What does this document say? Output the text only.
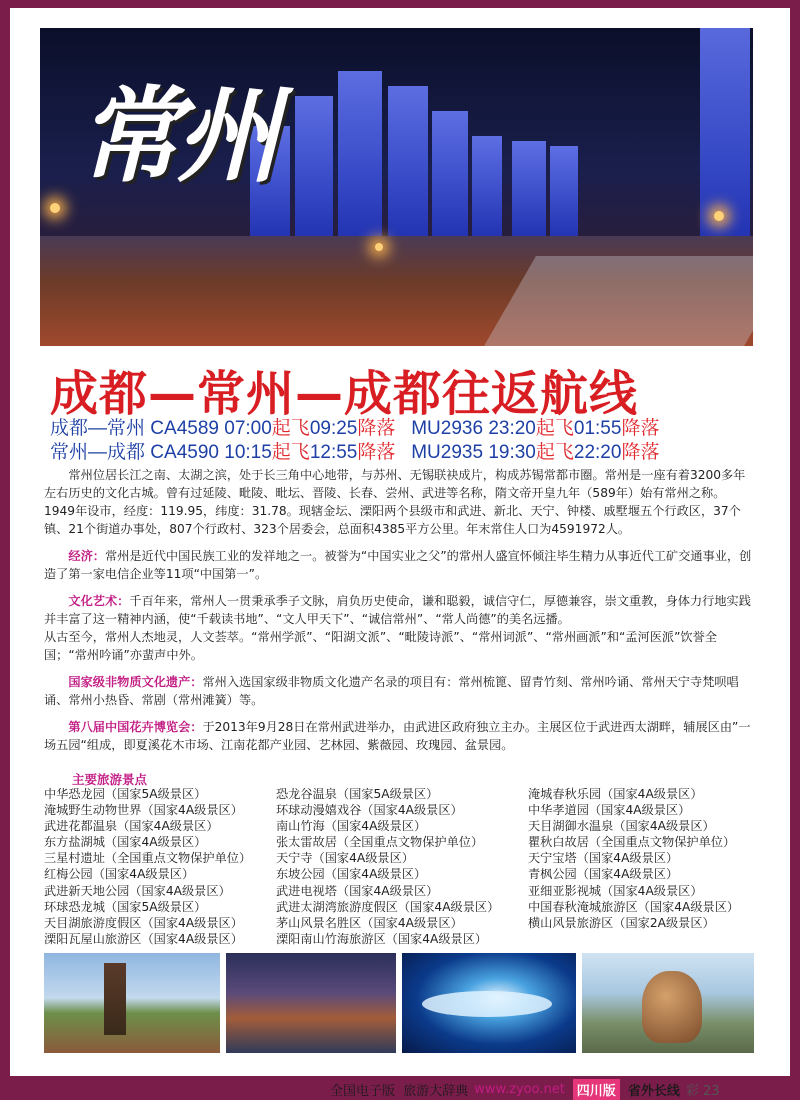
常州
成都—常州—成都往返航线
成都—常州 CA4589 07:00起飞09:25降落 MU2936 23:20起飞01:55降落
常州—成都 CA4590 10:15起飞12:55降落 MU2935 19:30起飞22:20降落

常州位居长江之南、太湖之滨，处于长三角中心地带，与苏州、无锡联袂成片，构成苏锡常都市圈。常州是一座有着3200多年左右历史的文化古城。曾有过延陵、毗陵、毗坛、晋陵、长春、尝州、武进等名称，隋文帝开皇九年（589年）始有常州之称。1949年设市，经度：119.95，纬度：31.78。现辖金坛、溧阳两个县级市和武进、新北、天宁、钟楼、戚墅堰五个行政区，37个镇、21个街道办事处，807个行政村、323个居委会，总面积4385平方公里。年末常住人口为4591972人。

经济：常州是近代中国民族工业的发祥地之一。被誉为“中国实业之父”的常州人盛宣怀倾注毕生精力从事近代工矿交通事业，创造了第一家电信企业等11项“中国第一”。

文化艺术：千百年来，常州人一贯秉承季子文脉，肩负历史使命，谦和聪毅，诚信守仁，厚德兼容，崇文重教，身体力行地实践并丰富了这一精神内涵，使“千载读书地”、“文人甲天下”、“诚信常州”、“常人尚德”的美名远播。

从古至今，常州人杰地灵，人文荟萃。“常州学派”、“阳湖文派”、“毗陵诗派”、“常州词派”、“常州画派”和“孟河医派”饮誉全国；“常州吟诵”亦蜚声中外。

国家级非物质文化遗产：常州入选国家级非物质文化遗产名录的项目有：常州梳篦、留青竹刻、常州吟诵、常州天宁寺梵呗唱诵、常州小热昏、常剧（常州滩簧）等。

第八届中国花卉博览会：于2013年9月28日在常州武进举办，由武进区政府独立主办。主展区位于武进西太湖畔，辅展区由”一场五园“组成，即夏溪花木市场、江南花都产业园、艺林园、紫薇园、玫瑰园、盆景园。

主要旅游景点
中华恐龙园（国家5A级景区）	恐龙谷温泉（国家5A级景区）	淹城春秋乐园（国家4A级景区）
淹城野生动物世界（国家4A级景区）	环球动漫嬉戏谷（国家4A级景区）	中华孝道园（国家4A级景区）
武进花都温泉（国家4A级景区）	南山竹海（国家4A级景区）	天目湖御水温泉（国家4A级景区）
东方盐湖城（国家4A级景区）	张太雷故居（全国重点文物保护单位）	瞿秋白故居（全国重点文物保护单位）
三星村遗址（全国重点文物保护单位）	天宁寺（国家4A级景区）	天宁宝塔（国家4A级景区）
红梅公园（国家4A级景区）	东坡公园（国家4A级景区）	青枫公园（国家4A级景区）
武进新天地公园（国家4A级景区）	武进电视塔（国家4A级景区）	亚细亚影视城（国家4A级景区）
环球恐龙城（国家5A级景区）	武进太湖湾旅游度假区（国家4A级景区）	中国春秋淹城旅游区（国家4A级景区）
天目湖旅游度假区（国家4A级景区）	茅山风景名胜区（国家4A级景区）	横山风景旅游区（国家2A级景区）
溧阳瓦屋山旅游区（国家4A级景区）	溧阳南山竹海旅游区（国家4A级景区）
全国电子版
旅游大辞典 www.zyoo.net 四川版 省外长线 彩 23
